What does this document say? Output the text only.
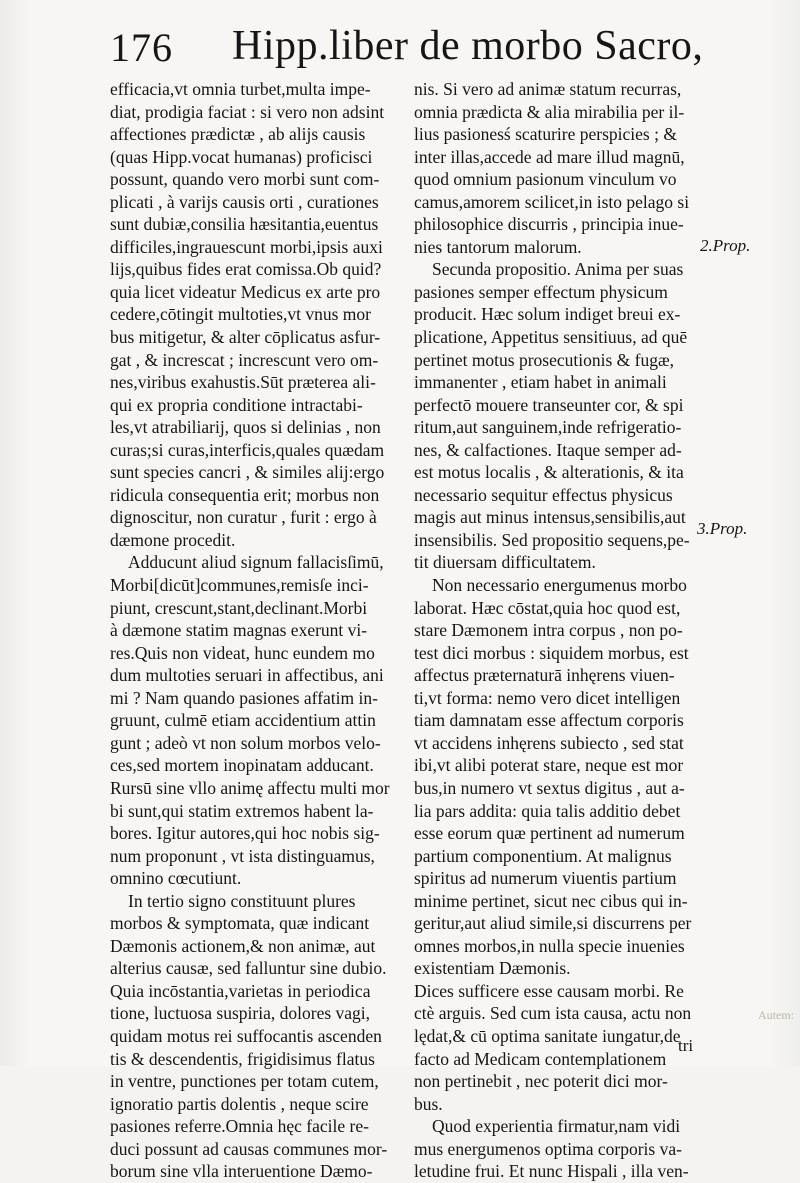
176 Hipp.liber de morbo Sacro,
efficacia,vt omnia turbet,multa impe-
diat, prodigia faciat : si vero non adsint
affectiones prædictæ , ab alijs causis
(quas Hipp.vocat humanas) proficisci
possunt, quando vero morbi sunt com-
plicati , à varijs causis orti , curationes
sunt dubiæ,consilia hæsitantia,euentus
difficiles,ingrauescunt morbi,ipsis auxi
lijs,quibus fides erat comissa.Ob quid?
quia licet videatur Medicus ex arte pro
cedere,cōtingit multoties,vt vnus mor
bus mitigetur, & alter cōplicatus asfur-
gat , & increscat ; increscunt vero om-
nes,viribus exahustis.Sūt præterea ali-
qui ex propria conditione intractabi-
les,vt atrabiliarij, quos si delinias , non
curas;si curas,interficis,quales quædam
sunt species cancri , & similes alij:ergo
ridicula consequentia erit; morbus non
dignoscitur, non curatur , furit : ergo à
dæmone procedit.
Adducunt aliud signum fallacisſimū,
Morbi[dicūt]communes,remisſe inci-
piunt, crescunt,stant,declinant.Morbi
à dæmone statim magnas exerunt vi-
res.Quis non videat, hunc eundem mo
dum multoties seruari in affectibus, ani
mi ? Nam quando pasiones affatim in-
gruunt, culmē etiam accidentium attin
gunt ; adeò vt non solum morbos velo-
ces,sed mortem inopinatam adducant.
Rursū sine vllo animę affectu multi mor
bi sunt,qui statim extremos habent la-
bores. Igitur autores,qui hoc nobis sig-
num proponunt , vt ista distinguamus,
omnino cœcutiunt.
In tertio signo constituunt plures
morbos & symptomata, quæ indicant
Dæmonis actionem,& non animæ, aut
alterius causæ, sed falluntur sine dubio.
Quia incōstantia,varietas in periodica
tione, luctuosa suspiria, dolores vagi,
quidam motus rei suffocantis ascenden
tis & descendentis, frigidisimus flatus
in ventre, punctiones per totam cutem,
ignoratio partis dolentis , neque scire
pasiones referre.Omnia hęc facile re-
duci possunt ad causas communes mor-
borum sine vlla interuentione Dæmo-
nis. Si vero ad animæ statum recurras,
omnia prædicta & alia mirabilia per il-
lius pasionesś scaturire perspicies ; &
inter illas,accede ad mare illud magnū,
quod omnium pasionum vinculum vo
camus,amorem scilicet,in isto pelago si
philosophice discurris , principia inue-
nies tantorum malorum.
Secunda propositio. Anima per suas
pasiones semper effectum physicum
producit. Hæc solum indiget breui ex-
plicatione, Appetitus sensitiuus, ad quē
pertinet motus prosecutionis & fugæ,
immanenter , etiam habet in animali
perfectō mouere transeunter cor, & spi
ritum,aut sanguinem,inde refrigeratio-
nes, & calfactiones. Itaque semper ad-
est motus localis , & alterationis, & ita
necessario sequitur effectus physicus
magis aut minus intensus,sensibilis,aut
insensibilis. Sed propositio sequens,pe-
tit diuersam difficultatem.
Non necessario energumenus morbo
laborat. Hæc cōstat,quia hoc quod est,
stare Dæmonem intra corpus , non po-
test dici morbus : siquidem morbus, est
affectus præternaturā inhęrens viuen-
ti,vt forma: nemo vero dicet intelligen
tiam damnatam esse affectum corporis
vt accidens inhęrens subiecto , sed stat
ibi,vt alibi poterat stare, neque est mor
bus,in numero vt sextus digitus , aut a-
lia pars addita: quia talis additio debet
esse eorum quæ pertinent ad numerum
partium componentium. At malignus
spiritus ad numerum viuentis partium
minime pertinet, sicut nec cibus qui in-
geritur,aut aliud simile,si discurrens per
omnes morbos,in nulla specie inuenies
existentiam Dæmonis.
Dices sufficere esse causam morbi. Re
ctè arguis. Sed cum ista causa, actu non
lędat,& cū optima sanitate iungatur,de
facto ad Medicam contemplationem
non pertinebit , nec poterit dici mor-
bus.
Quod experientia firmatur,nam vidi
mus energumenos optima corporis va-
letudine frui. Et nunc Hispali , illa ven-
2.Prop.
3.Prop.
Autem:
tri
